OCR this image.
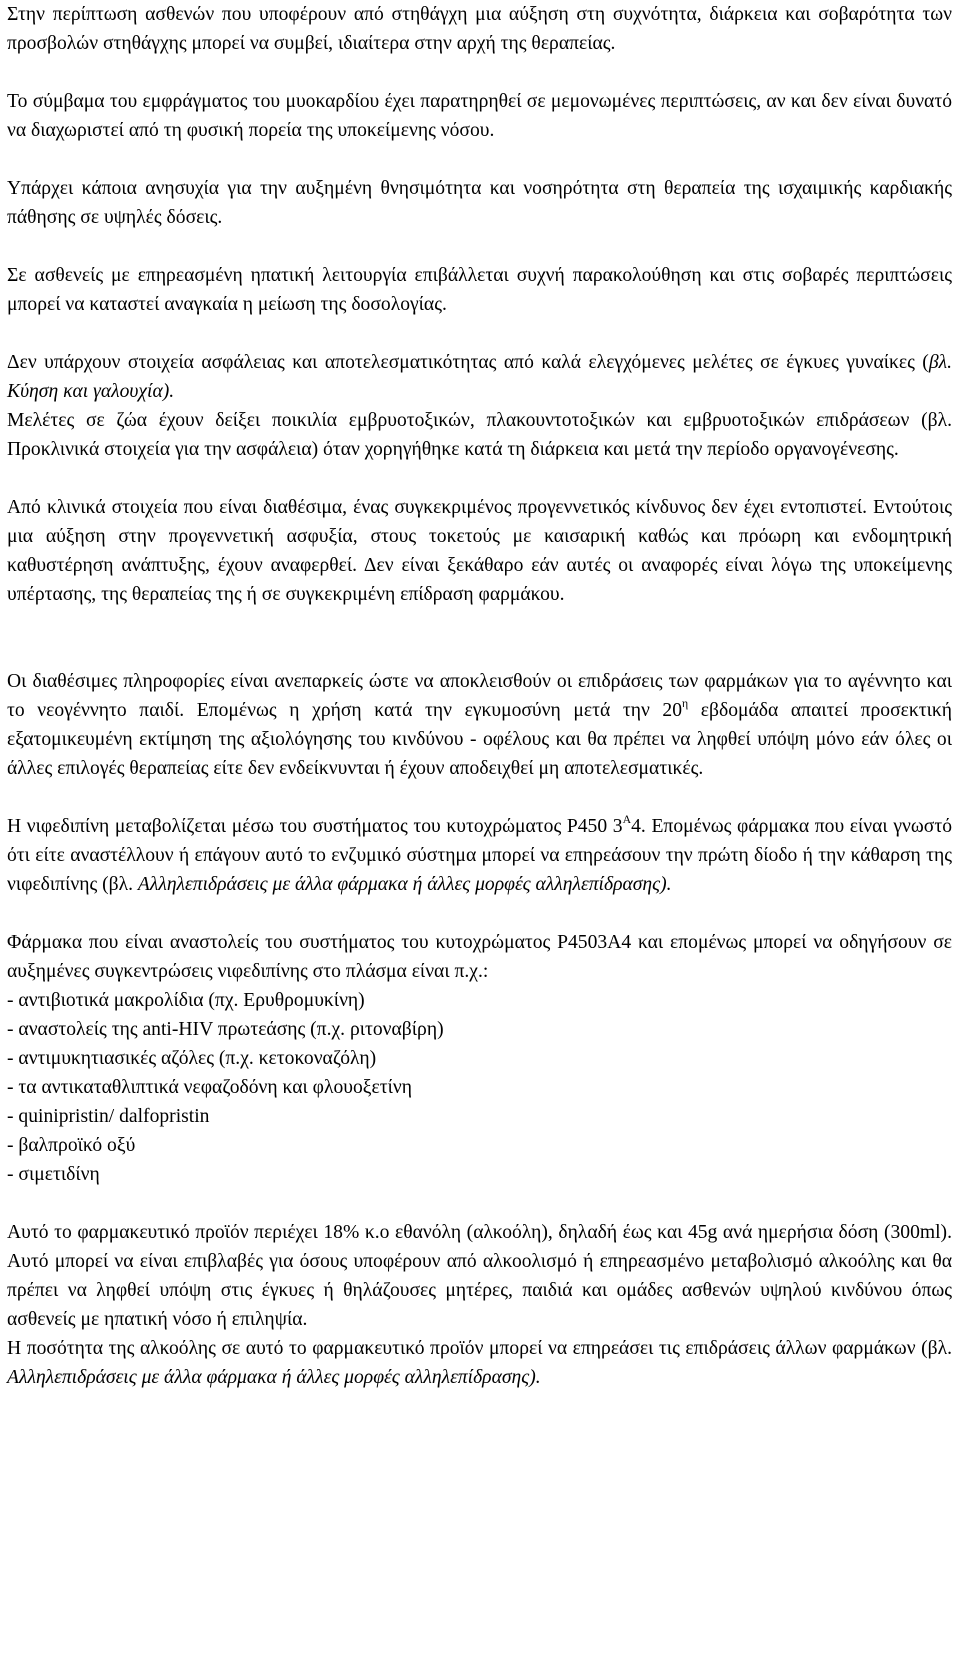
Στην περίπτωση ασθενών που υποφέρουν από στηθάγχη μια αύξηση στη συχνότητα, διάρκεια και σοβαρότητα των προσβολών στηθάγχης μπορεί να συμβεί, ιδιαίτερα στην αρχή της θεραπείας.

Το σύμβαμα του εμφράγματος του μυοκαρδίου έχει παρατηρηθεί σε μεμονωμένες περιπτώσεις, αν και δεν είναι δυνατό να διαχωριστεί από τη φυσική πορεία της υποκείμενης νόσου.

Υπάρχει κάποια ανησυχία για την αυξημένη θνησιμότητα και νοσηρότητα στη θεραπεία της ισχαιμικής καρδιακής πάθησης σε υψηλές δόσεις.

Σε ασθενείς με επηρεασμένη ηπατική λειτουργία επιβάλλεται συχνή παρακολούθηση και στις σοβαρές περιπτώσεις μπορεί να καταστεί αναγκαία η μείωση της δοσολογίας.

Δεν υπάρχουν στοιχεία ασφάλειας και αποτελεσματικότητας από καλά ελεγχόμενες μελέτες σε έγκυες γυναίκες (βλ. Κύηση και γαλουχία).

Μελέτες σε ζώα έχουν δείξει ποικιλία εμβρυοτοξικών, πλακουντοτοξικών και εμβρυοτοξικών επιδράσεων (βλ. Προκλινικά στοιχεία για την ασφάλεια) όταν χορηγήθηκε κατά τη διάρκεια και μετά την περίοδο οργανογένεσης.

Από κλινικά στοιχεία που είναι διαθέσιμα, ένας συγκεκριμένος προγεννετικός κίνδυνος δεν έχει εντοπιστεί. Εντούτοις μια αύξηση στην προγεννετική ασφυξία, στους τοκετούς με καισαρική καθώς και πρόωρη και ενδομητρική καθυστέρηση ανάπτυξης, έχουν αναφερθεί. Δεν είναι ξεκάθαρο εάν αυτές οι αναφορές είναι λόγω της υποκείμενης υπέρτασης, της θεραπείας της ή σε συγκεκριμένη επίδραση φαρμάκου.

Οι διαθέσιμες πληροφορίες είναι ανεπαρκείς ώστε να αποκλεισθούν οι επιδράσεις των φαρμάκων για το αγέννητο και το νεογέννητο παιδί. Επομένως η χρήση κατά την εγκυμοσύνη μετά την $20^\eta$ εβδομάδα απαιτεί προσεκτική εξατομικευμένη εκτίμηση της αξιολόγησης του κινδύνου - οφέλους και θα πρέπει να ληφθεί υπόψη μόνο εάν όλες οι άλλες επιλογές θεραπείας είτε δεν ενδείκνυνται ή έχουν αποδειχθεί μη αποτελεσματικές.

Η νιφεδιπίνη μεταβολίζεται μέσω του συστήματος του κυτοχρώματος P450 $3^A4$. Επομένως φάρμακα που είναι γνωστό ότι είτε αναστέλλουν ή επάγουν αυτό το ενζυμικό σύστημα μπορεί να επηρεάσουν την πρώτη δίοδο ή την κάθαρση της νιφεδιπίνης (βλ. Αλληλεπιδράσεις με άλλα φάρμακα ή άλλες μορφές αλληλεπίδρασης).

Φάρμακα που είναι αναστολείς του συστήματος του κυτοχρώματος P4503A4 και επομένως μπορεί να οδηγήσουν σε αυξημένες συγκεντρώσεις νιφεδιπίνης στο πλάσμα είναι π.χ.:

- αντιβιοτικά μακρολίδια (πχ. Ερυθρομυκίνη)
- αναστολείς της anti-HIV πρωτεάσης (π.χ. ριτοναβίρη)
- αντιμυκητιασικές αζόλες (π.χ. κετοκοναζόλη)
- τα αντικαταθλιπτικά νεφαζοδόνη και φλουοξετίνη
- quinipristin/ dalfopristin
- βαλπροϊκό οξύ
- σιμετιδίνη

Αυτό το φαρμακευτικό προϊόν περιέχει 18% κ.ο εθανόλη (αλκοόλη), δηλαδή έως και 45g ανά ημερήσια δόση (300ml). Αυτό μπορεί να είναι επιβλαβές για όσους υποφέρουν από αλκοολισμό ή επηρεασμένο μεταβολισμό αλκοόλης και θα πρέπει να ληφθεί υπόψη στις έγκυες ή θηλάζουσες μητέρες, παιδιά και ομάδες ασθενών υψηλού κινδύνου όπως ασθενείς με ηπατική νόσο ή επιληψία.

Η ποσότητα της αλκοόλης σε αυτό το φαρμακευτικό προϊόν μπορεί να επηρεάσει τις επιδράσεις άλλων φαρμάκων (βλ. Αλληλεπιδράσεις με άλλα φάρμακα ή άλλες μορφές αλληλεπίδρασης).
